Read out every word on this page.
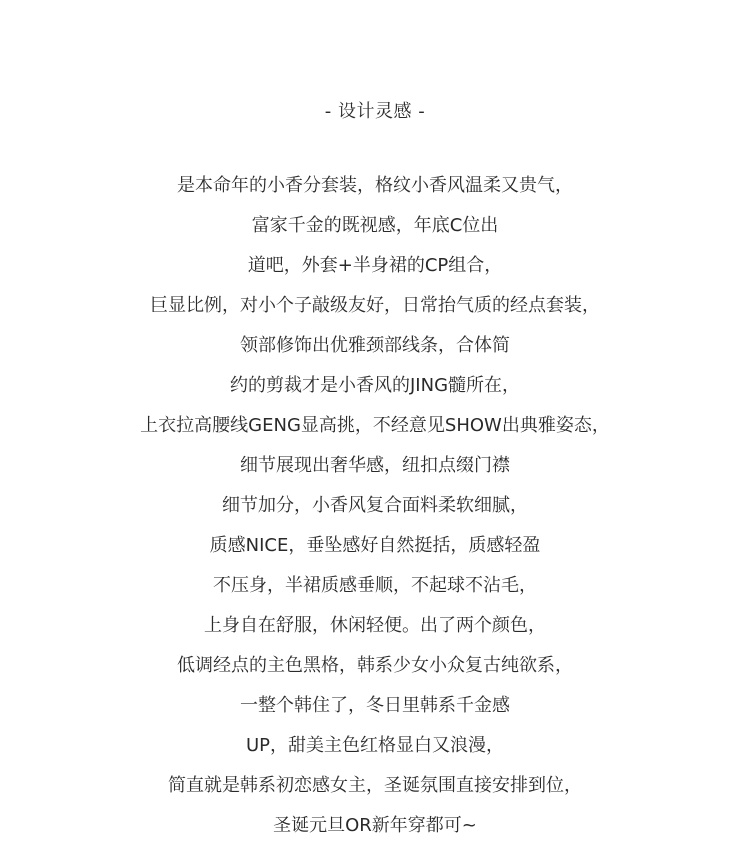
- 设计灵感 -
是本命年的小香分套装，格纹小香风温柔又贵气，
富家千金的既视感，年底C位出
道吧，外套+半身裙的CP组合，
巨显比例，对小个子敲级友好，日常抬气质的经点套装，
领部修饰出优雅颈部线条，合体简
约的剪裁才是小香风的JING髓所在，
上衣拉高腰线GENG显高挑，不经意见SHOW出典雅姿态，
细节展现出奢华感，纽扣点缀门襟
细节加分，小香风复合面料柔软细腻，
质感NICE，垂坠感好自然挺括，质感轻盈
不压身，半裙质感垂顺，不起球不沾毛，
上身自在舒服，休闲轻便。出了两个颜色，
低调经点的主色黑格，韩系少女小众复古纯欲系，
一整个韩住了，冬日里韩系千金感
UP，甜美主色红格显白又浪漫，
简直就是韩系初恋感女主，圣诞氛围直接安排到位，
圣诞元旦OR新年穿都可~
